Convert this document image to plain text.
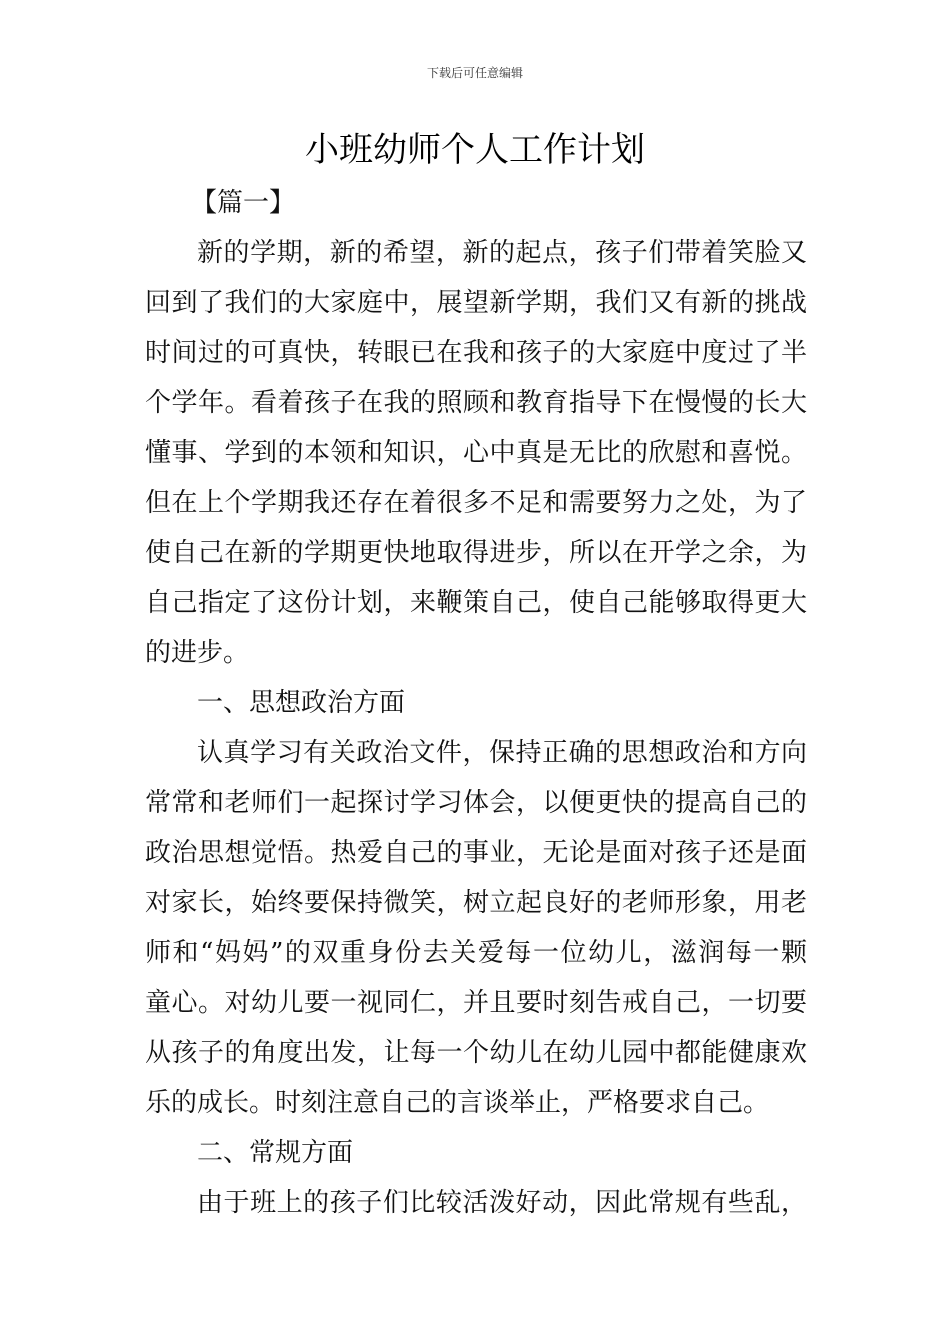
下载后可任意编辑
小班幼师个人工作计划
【篇一】
新的学期，新的希望，新的起点，孩子们带着笑脸又
回到了我们的大家庭中，展望新学期，我们又有新的挑战
时间过的可真快，转眼已在我和孩子的大家庭中度过了半
个学年。看着孩子在我的照顾和教育指导下在慢慢的长大
懂事、学到的本领和知识，心中真是无比的欣慰和喜悦。
但在上个学期我还存在着很多不足和需要努力之处，为了
使自己在新的学期更快地取得进步，所以在开学之余，为
自己指定了这份计划，来鞭策自己，使自己能够取得更大
的进步。
一、思想政治方面
认真学习有关政治文件，保持正确的思想政治和方向
常常和老师们一起探讨学习体会，以便更快的提高自己的
政治思想觉悟。热爱自己的事业，无论是面对孩子还是面
对家长，始终要保持微笑，树立起良好的老师形象，用老
师和“妈妈”的双重身份去关爱每一位幼儿，滋润每一颗
童心。对幼儿要一视同仁，并且要时刻告戒自己，一切要
从孩子的角度出发，让每一个幼儿在幼儿园中都能健康欢
乐的成长。时刻注意自己的言谈举止，严格要求自己。
二、常规方面
由于班上的孩子们比较活泼好动，因此常规有些乱，
